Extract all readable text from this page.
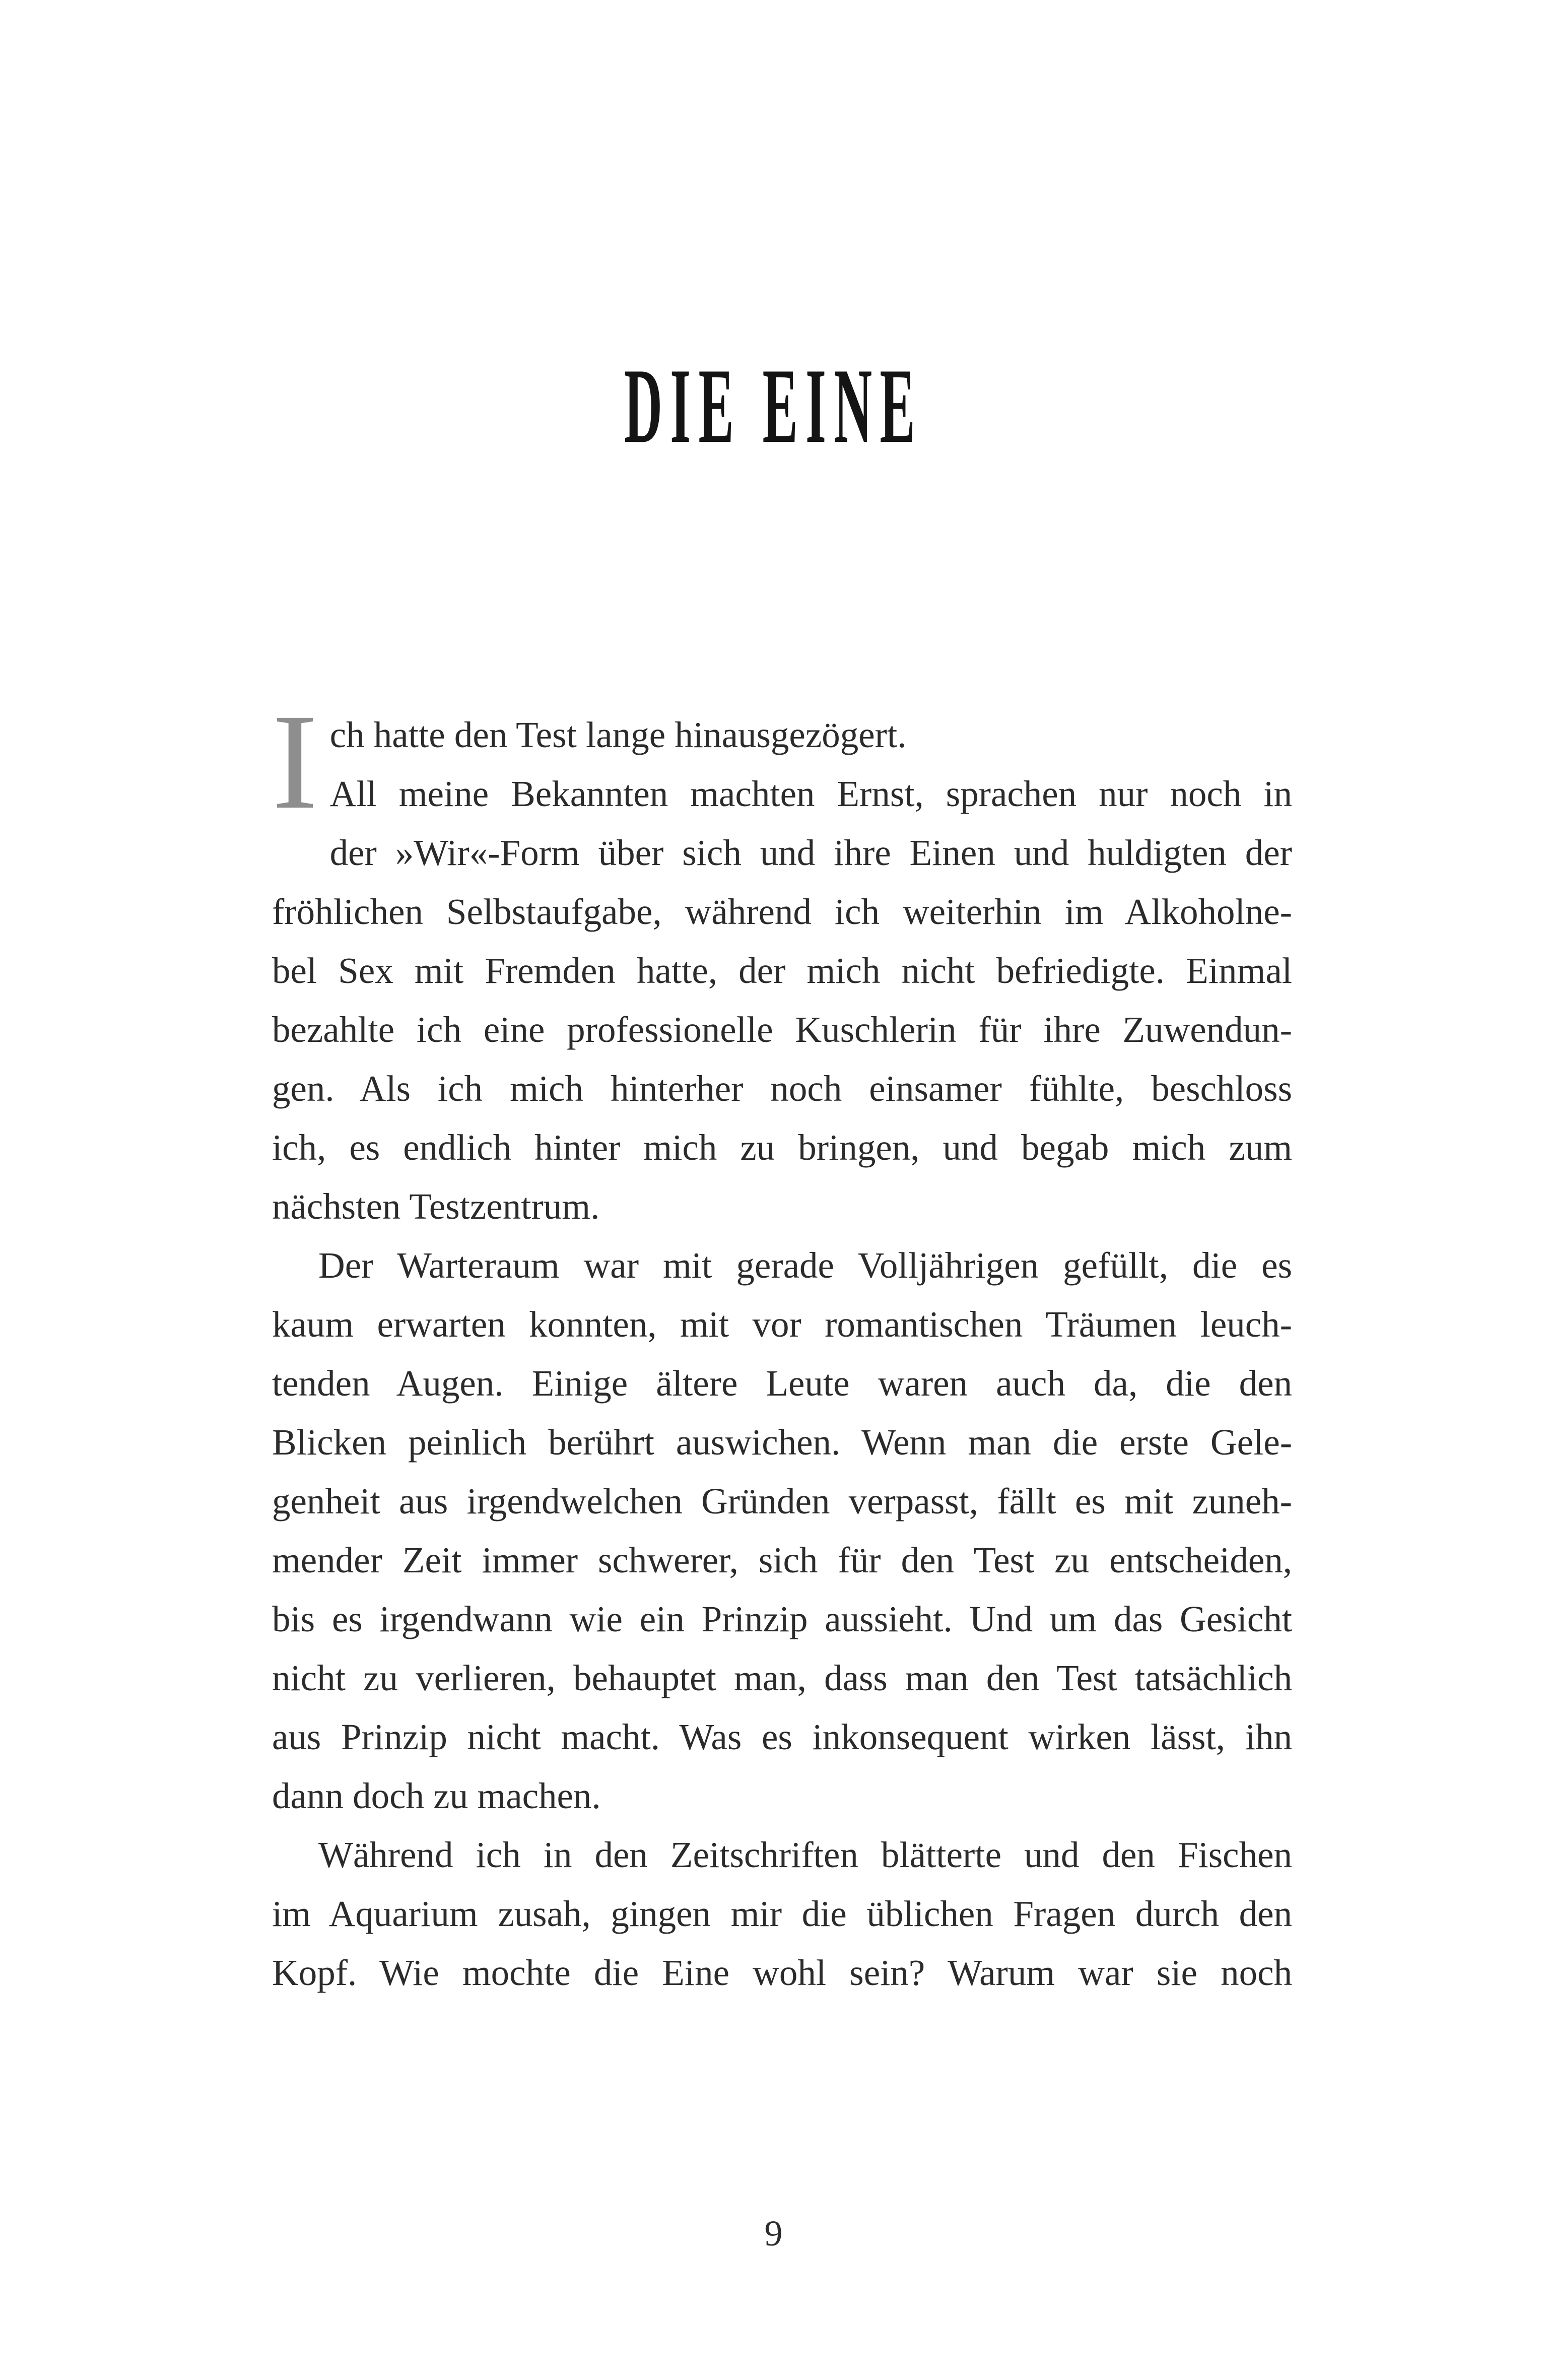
DIE EINE
I ch hatte den Test lange hinausgezögert.
All meine Bekannten machten Ernst, sprachen nur noch in
der »Wir«-Form über sich und ihre Einen und huldigten der
fröhlichen Selbstaufgabe, während ich weiterhin im Alkoholne-
bel Sex mit Fremden hatte, der mich nicht befriedigte. Einmal
bezahlte ich eine professionelle Kuschlerin für ihre Zuwendun-
gen. Als ich mich hinterher noch einsamer fühlte, beschloss
ich, es endlich hinter mich zu bringen, und begab mich zum
nächsten Testzentrum.
Der Warteraum war mit gerade Volljährigen gefüllt, die es
kaum erwarten konnten, mit vor romantischen Träumen leuch-
tenden Augen. Einige ältere Leute waren auch da, die den
Blicken peinlich berührt auswichen. Wenn man die erste Gele-
genheit aus irgendwelchen Gründen verpasst, fällt es mit zuneh-
mender Zeit immer schwerer, sich für den Test zu entscheiden,
bis es irgendwann wie ein Prinzip aussieht. Und um das Gesicht
nicht zu verlieren, behauptet man, dass man den Test tatsächlich
aus Prinzip nicht macht. Was es inkonsequent wirken lässt, ihn
dann doch zu machen.
Während ich in den Zeitschriften blätterte und den Fischen
im Aquarium zusah, gingen mir die üblichen Fragen durch den
Kopf. Wie mochte die Eine wohl sein? Warum war sie noch
9
